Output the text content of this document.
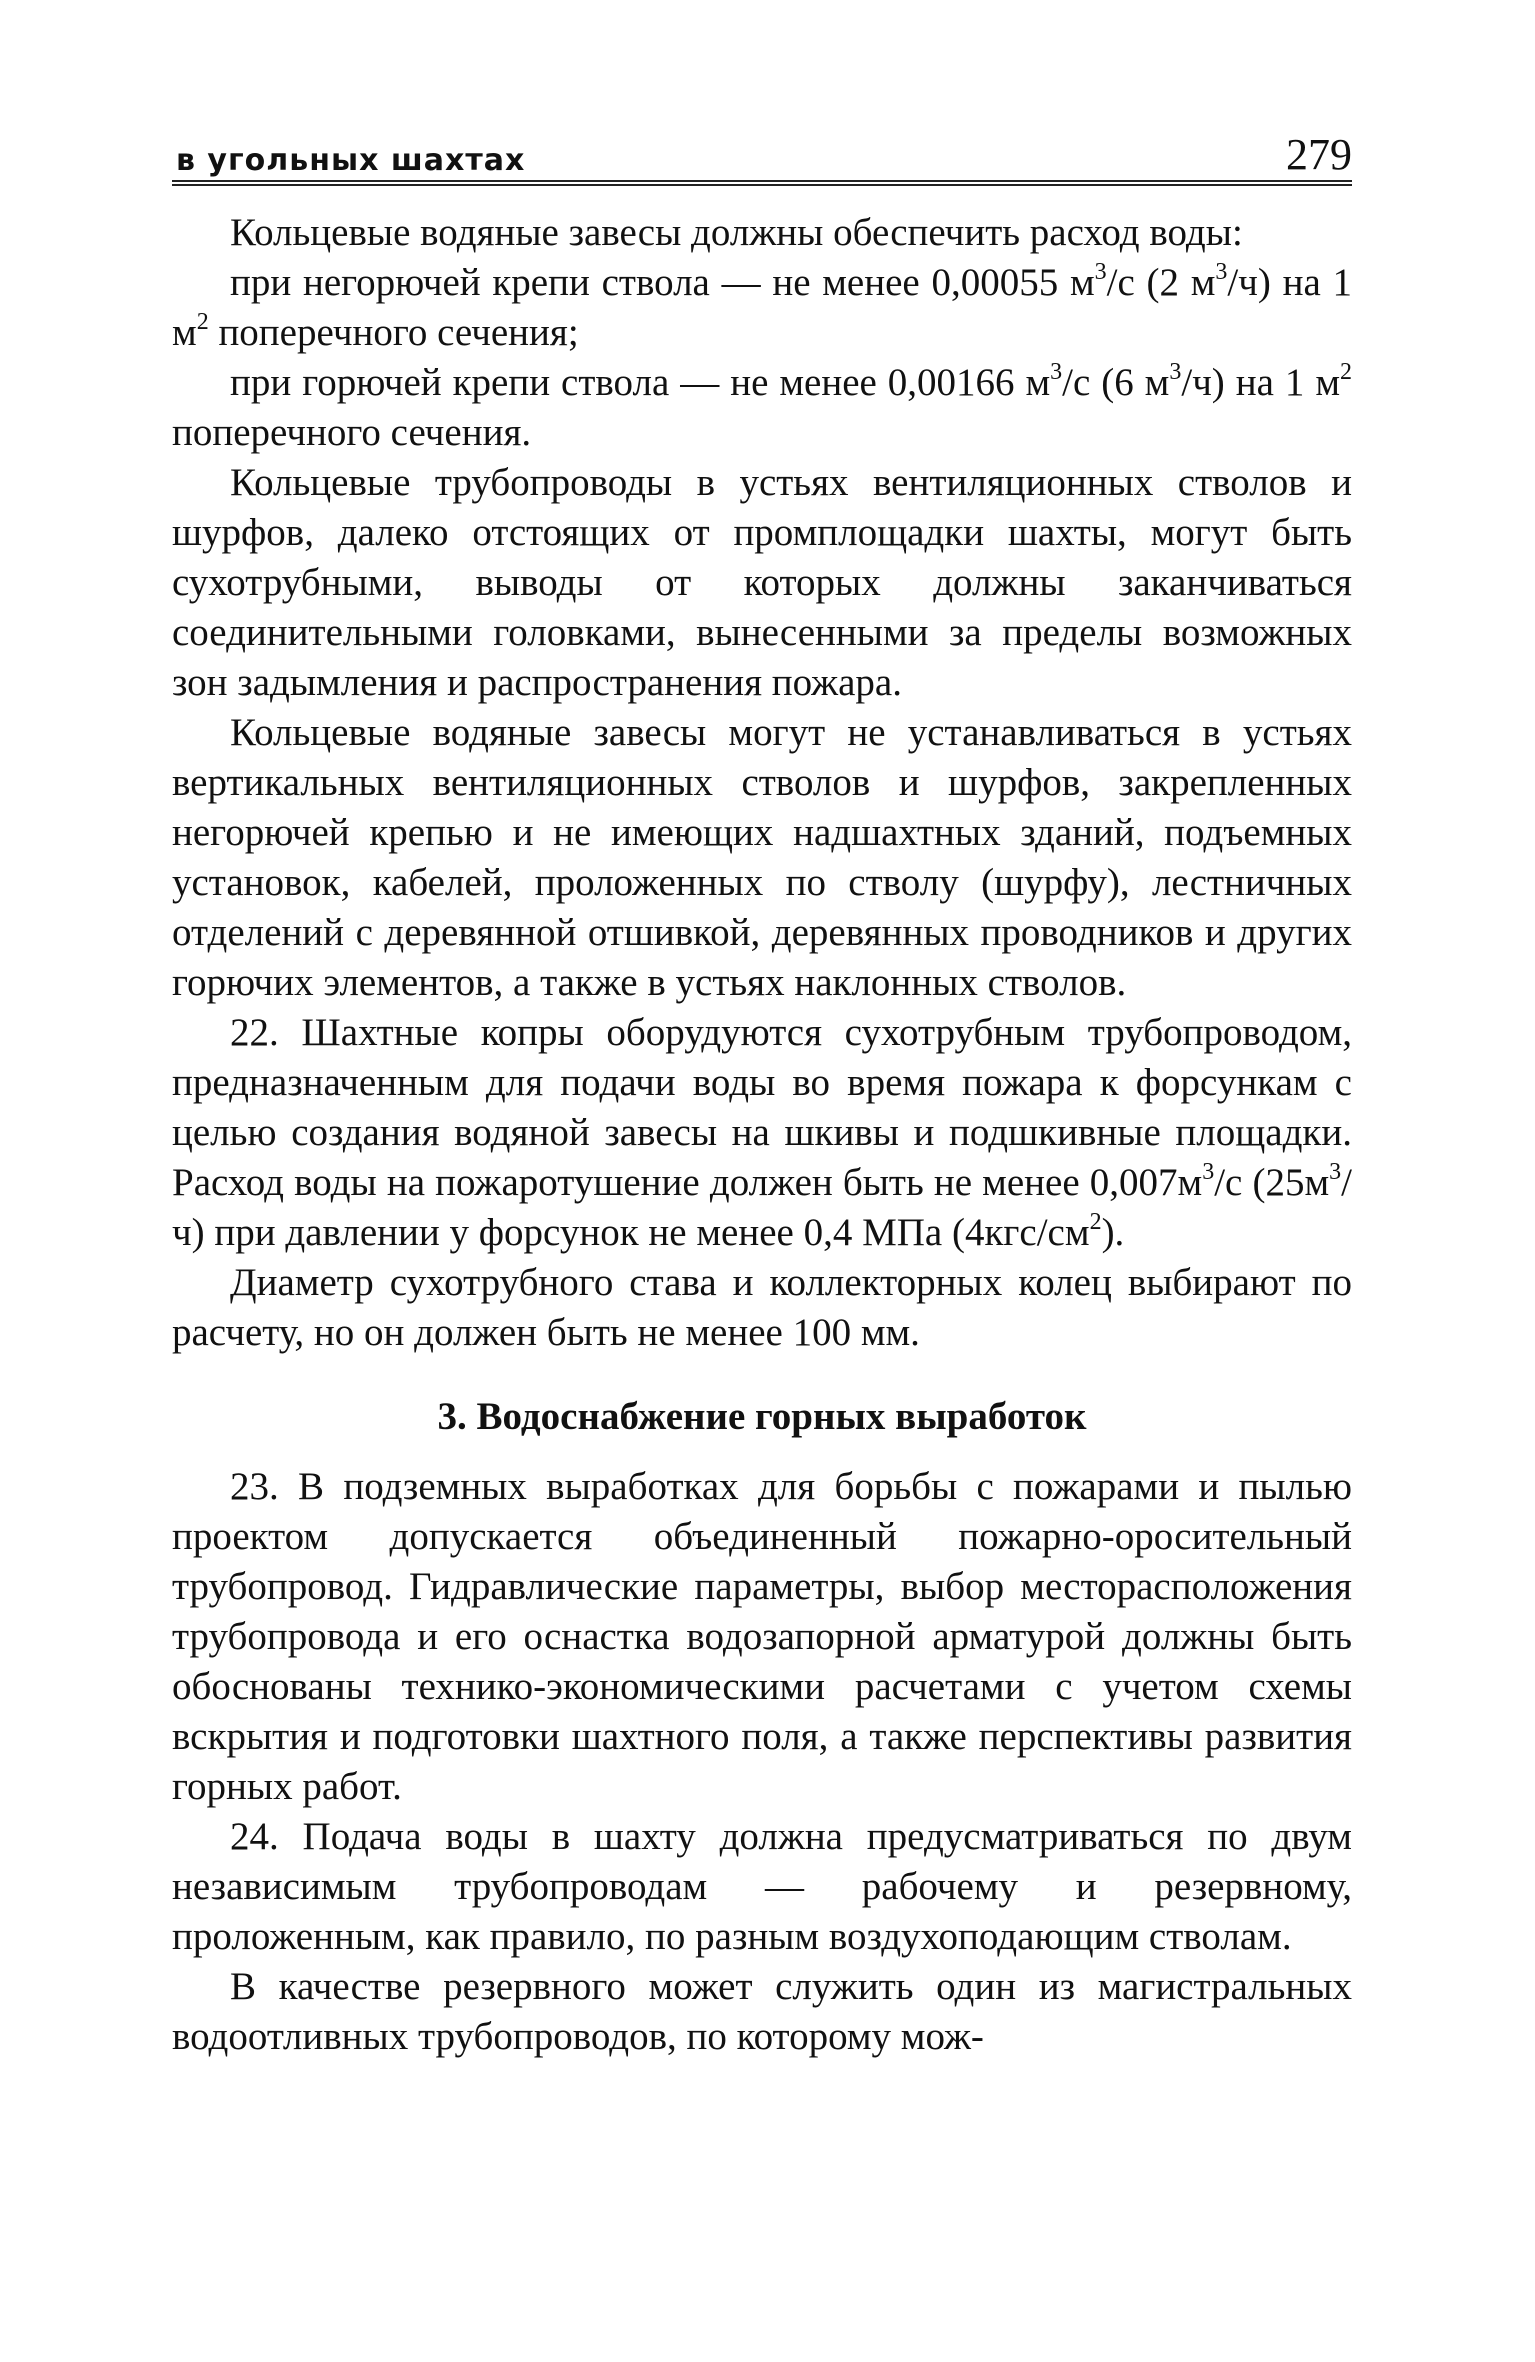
в угольных шахтах	279

Кольцевые водяные завесы должны обеспечить расход воды:

при негорючей крепи ствола — не менее 0,00055 $м^3/с$ (2 $м^3/ч$) на 1 $м^2$ поперечного сечения;

при горючей крепи ствола — не менее 0,00166 $м^3/с$ (6 $м^3/ч$) на 1 $м^2$ поперечного сечения.

Кольцевые трубопроводы в устьях вентиляционных стволов и шурфов, далеко отстоящих от промплощадки шахты, могут быть сухотрубными, выводы от которых должны заканчиваться соединительными головками, вынесенными за пределы возможных зон задымления и распространения пожара.

Кольцевые водяные завесы могут не устанавливаться в устьях вертикальных вентиляционных стволов и шурфов, закрепленных негорючей крепью и не имеющих надшахтных зданий, подъемных установок, кабелей, проложенных по стволу (шурфу), лестничных отделений с деревянной отшивкой, деревянных проводников и других горючих элементов, а также в устьях наклонных стволов.

22. Шахтные копры оборудуются сухотрубным трубопроводом, предназначенным для подачи воды во время пожара к форсункам с целью создания водяной завесы на шкивы и подшкивные площадки. Расход воды на пожаротушение должен быть не менее $0,007м^3/с$ $(25м^3/ч)$ при давлении у форсунок не менее 0,4 МПа $(4кгс/см^2)$.

Диаметр сухотрубного става и коллекторных колец выбирают по расчету, но он должен быть не менее 100 мм.

3. Водоснабжение горных выработок

23. В подземных выработках для борьбы с пожарами и пылью проектом допускается объединенный пожарно-оросительный трубопровод. Гидравлические параметры, выбор месторасположения трубопровода и его оснастка водозапорной арматурой должны быть обоснованы технико-экономическими расчетами с учетом схемы вскрытия и подготовки шахтного поля, а также перспективы развития горных работ.

24. Подача воды в шахту должна предусматриваться по двум независимым трубопроводам — рабочему и резервному, проложенным, как правило, по разным воздухоподающим стволам.

В качестве резервного может служить один из магистральных водоотливных трубопроводов, по которому мож-
